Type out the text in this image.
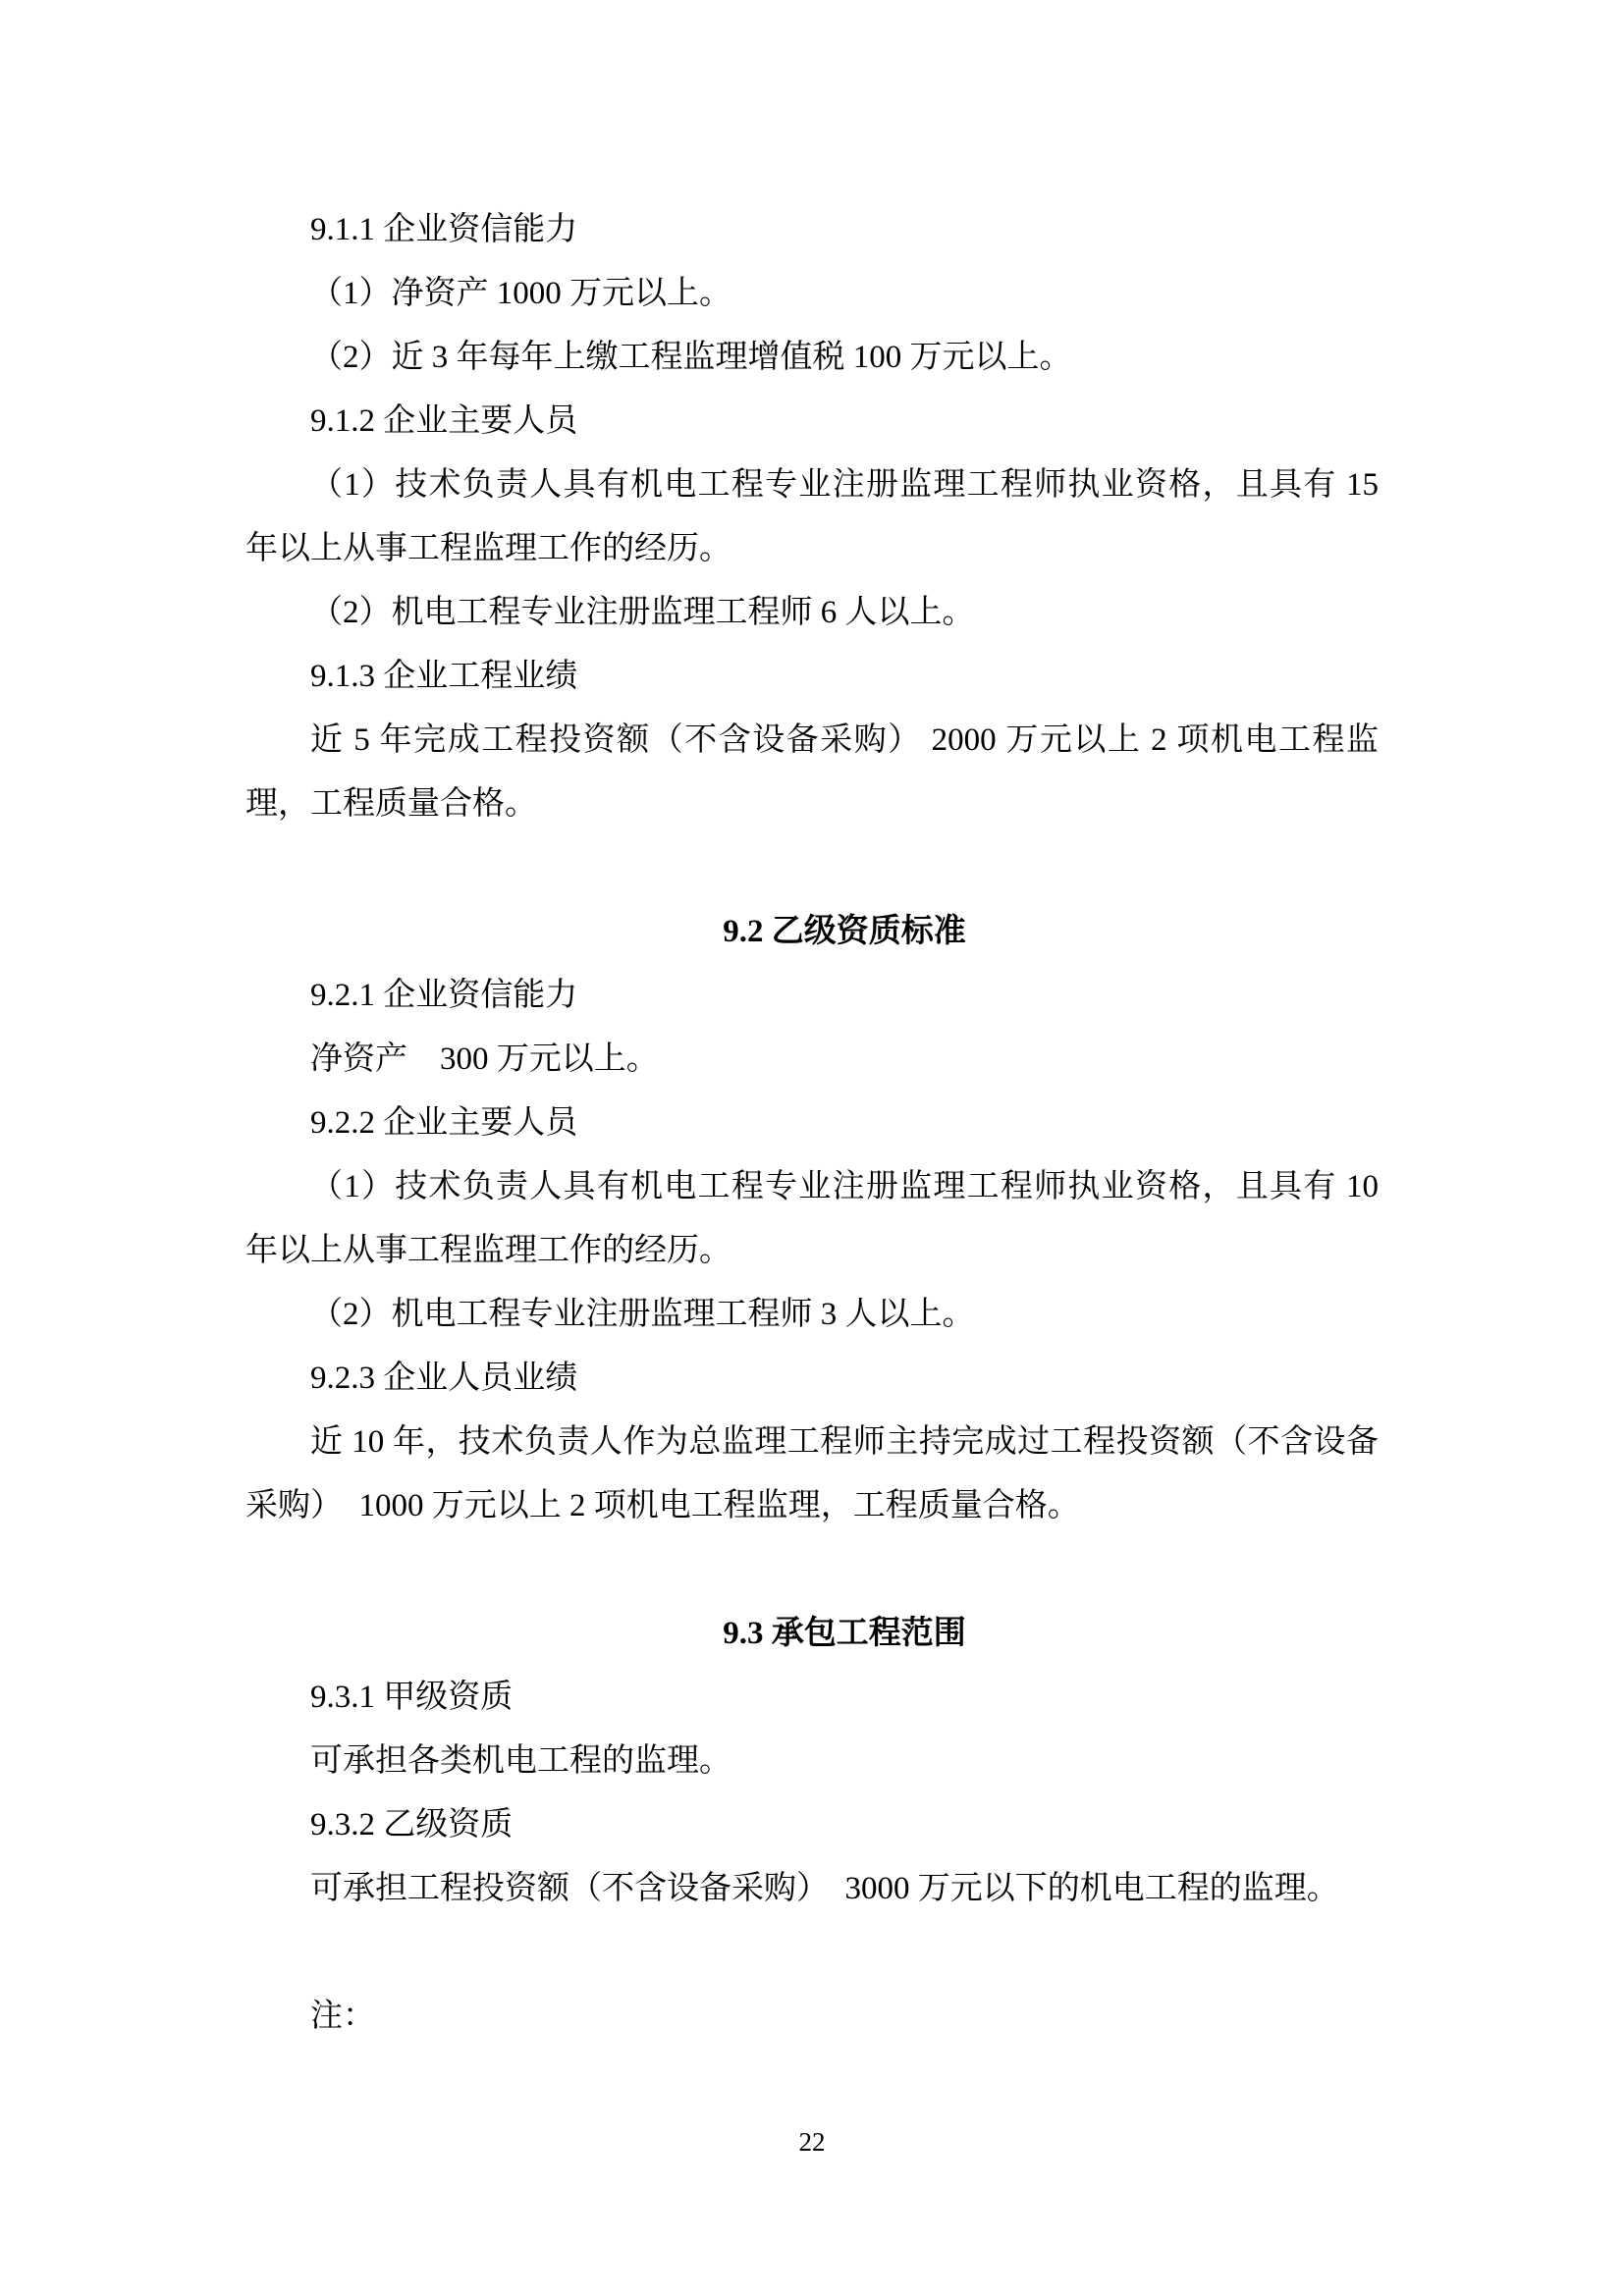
9.1.1 企业资信能力

（1）净资产 1000 万元以上。

（2）近 3 年每年上缴工程监理增值税 100 万元以上。

9.1.2 企业主要人员

（1）技术负责人具有机电工程专业注册监理工程师执业资格，且具有 15 年以上从事工程监理工作的经历。

（2）机电工程专业注册监理工程师 6 人以上。

9.1.3 企业工程业绩

近 5 年完成工程投资额（不含设备采购） 2000 万元以上 2 项机电工程监理，工程质量合格。

9.2 乙级资质标准

9.2.1 企业资信能力

净资产　300 万元以上。

9.2.2 企业主要人员

（1）技术负责人具有机电工程专业注册监理工程师执业资格，且具有 10 年以上从事工程监理工作的经历。

（2）机电工程专业注册监理工程师 3 人以上。

9.2.3 企业人员业绩

近 10 年，技术负责人作为总监理工程师主持完成过工程投资额（不含设备采购）　1000 万元以上 2 项机电工程监理，工程质量合格。

9.3 承包工程范围

9.3.1 甲级资质

可承担各类机电工程的监理。

9.3.2 乙级资质

可承担工程投资额（不含设备采购）　3000 万元以下的机电工程的监理。

注：

22
